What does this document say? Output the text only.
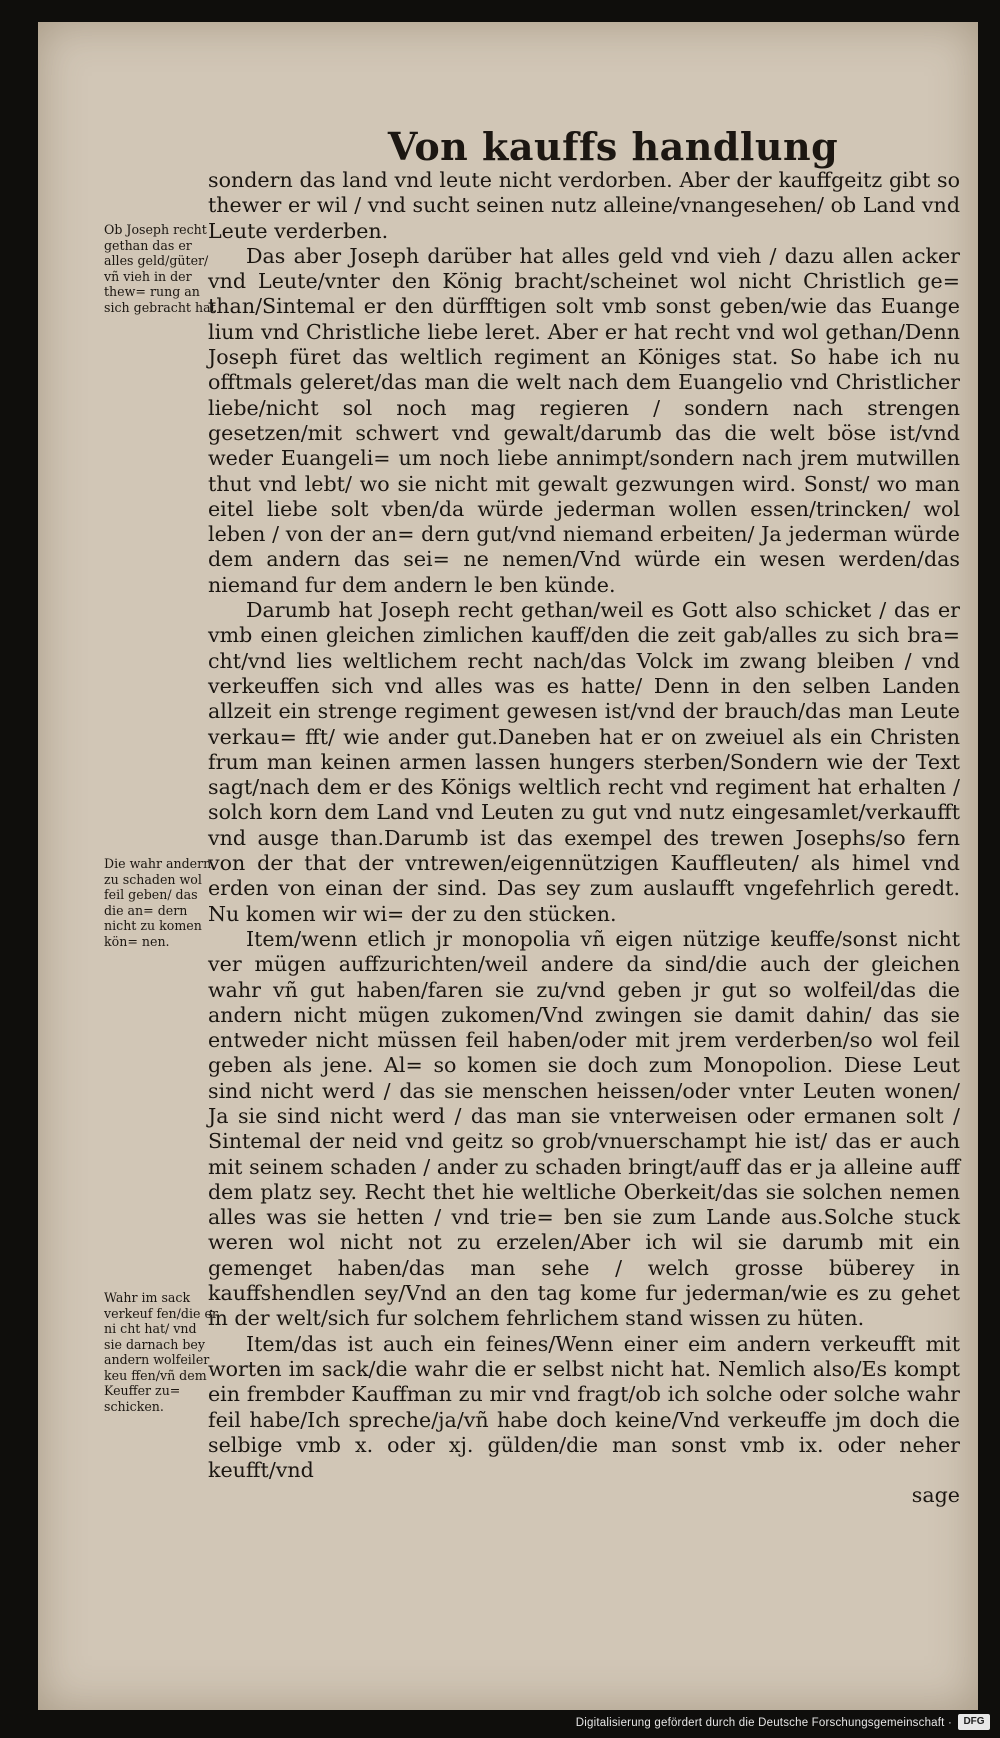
Von kauffs handlung

sondern das land vnd leute nicht verdorben. Aber der kauffgeitz gibt so thewer er wil / vnd sucht seinen nutz alleine/vnangesehen/ ob Land vnd Leute verderben.

Das aber Joseph darüber hat alles geld vnd vieh / dazu allen acker vnd Leute/vnter den König bracht/scheinet wol nicht Christlich ge= than/Sintemal er den dürfftigen solt vmb sonst geben/wie das Euange lium vnd Christliche liebe leret. Aber er hat recht vnd wol gethan/Denn Joseph füret das weltlich regiment an Königes stat. So habe ich nu offtmals geleret/das man die welt nach dem Euangelio vnd Christlicher liebe/nicht sol noch mag regieren / sondern nach strengen gesetzen/mit schwert vnd gewalt/darumb das die welt böse ist/vnd weder Euangeli= um noch liebe annimpt/sondern nach jrem mutwillen thut vnd lebt/ wo sie nicht mit gewalt gezwungen wird. Sonst/ wo man eitel liebe solt vben/da würde jederman wollen essen/trincken/ wol leben / von der an= dern gut/vnd niemand erbeiten/ Ja jederman würde dem andern das sei= ne nemen/Vnd würde ein wesen werden/das niemand fur dem andern le ben künde.

Darumb hat Joseph recht gethan/weil es Gott also schicket / das er vmb einen gleichen zimlichen kauff/den die zeit gab/alles zu sich bra= cht/vnd lies weltlichem recht nach/das Volck im zwang bleiben / vnd verkeuffen sich vnd alles was es hatte/ Denn in den selben Landen allzeit ein strenge regiment gewesen ist/vnd der brauch/das man Leute verkau= fft/ wie ander gut.Daneben hat er on zweiuel als ein Christen frum man keinen armen lassen hungers sterben/Sondern wie der Text sagt/nach dem er des Königs weltlich recht vnd regiment hat erhalten / solch korn dem Land vnd Leuten zu gut vnd nutz eingesamlet/verkaufft vnd ausge than.Darumb ist das exempel des trewen Josephs/so fern von der that der vntrewen/eigennützigen Kauffleuten/ als himel vnd erden von einan der sind. Das sey zum auslaufft vngefehrlich geredt. Nu komen wir wi= der zu den stücken.

Item/wenn etlich jr monopolia vñ eigen nützige keuffe/sonst nicht ver mügen auffzurichten/weil andere da sind/die auch der gleichen wahr vñ gut haben/faren sie zu/vnd geben jr gut so wolfeil/das die andern nicht mügen zukomen/Vnd zwingen sie damit dahin/ das sie entweder nicht müssen feil haben/oder mit jrem verderben/so wol feil geben als jene. Al= so komen sie doch zum Monopolion. Diese Leut sind nicht werd / das sie menschen heissen/oder vnter Leuten wonen/ Ja sie sind nicht werd / das man sie vnterweisen oder ermanen solt / Sintemal der neid vnd geitz so grob/vnuerschampt hie ist/ das er auch mit seinem schaden / ander zu schaden bringt/auff das er ja alleine auff dem platz sey. Recht thet hie weltliche Oberkeit/das sie solchen nemen alles was sie hetten / vnd trie= ben sie zum Lande aus.Solche stuck weren wol nicht not zu erzelen/Aber ich wil sie darumb mit ein gemenget haben/das man sehe / welch grosse büberey in kauffshendlen sey/Vnd an den tag kome fur jederman/wie es zu gehet in der welt/sich fur solchem fehrlichem stand wissen zu hüten.

Item/das ist auch ein feines/Wenn einer eim andern verkeufft mit worten im sack/die wahr die er selbst nicht hat. Nemlich also/Es kompt ein frembder Kauffman zu mir vnd fragt/ob ich solche oder solche wahr feil habe/Ich spreche/ja/vñ habe doch keine/Vnd verkeuffe jm doch die selbige vmb x. oder xj. gülden/die man sonst vmb ix. oder neher keufft/vnd

sage

Ob Joseph recht gethan das er alles geld/güter/ vñ vieh in der thew= rung an sich gebracht hat

Die wahr andern zu schaden wol feil geben/ das die an= dern nicht zu komen kön= nen.

Wahr im sack verkeuf fen/die er ni cht hat/ vnd sie darnach bey andern wolfeiler keu ffen/vñ dem Keuffer zu= schicken.

Digitalisierung gefördert durch die Deutsche Forschungsgemeinschaft ·	DFG
